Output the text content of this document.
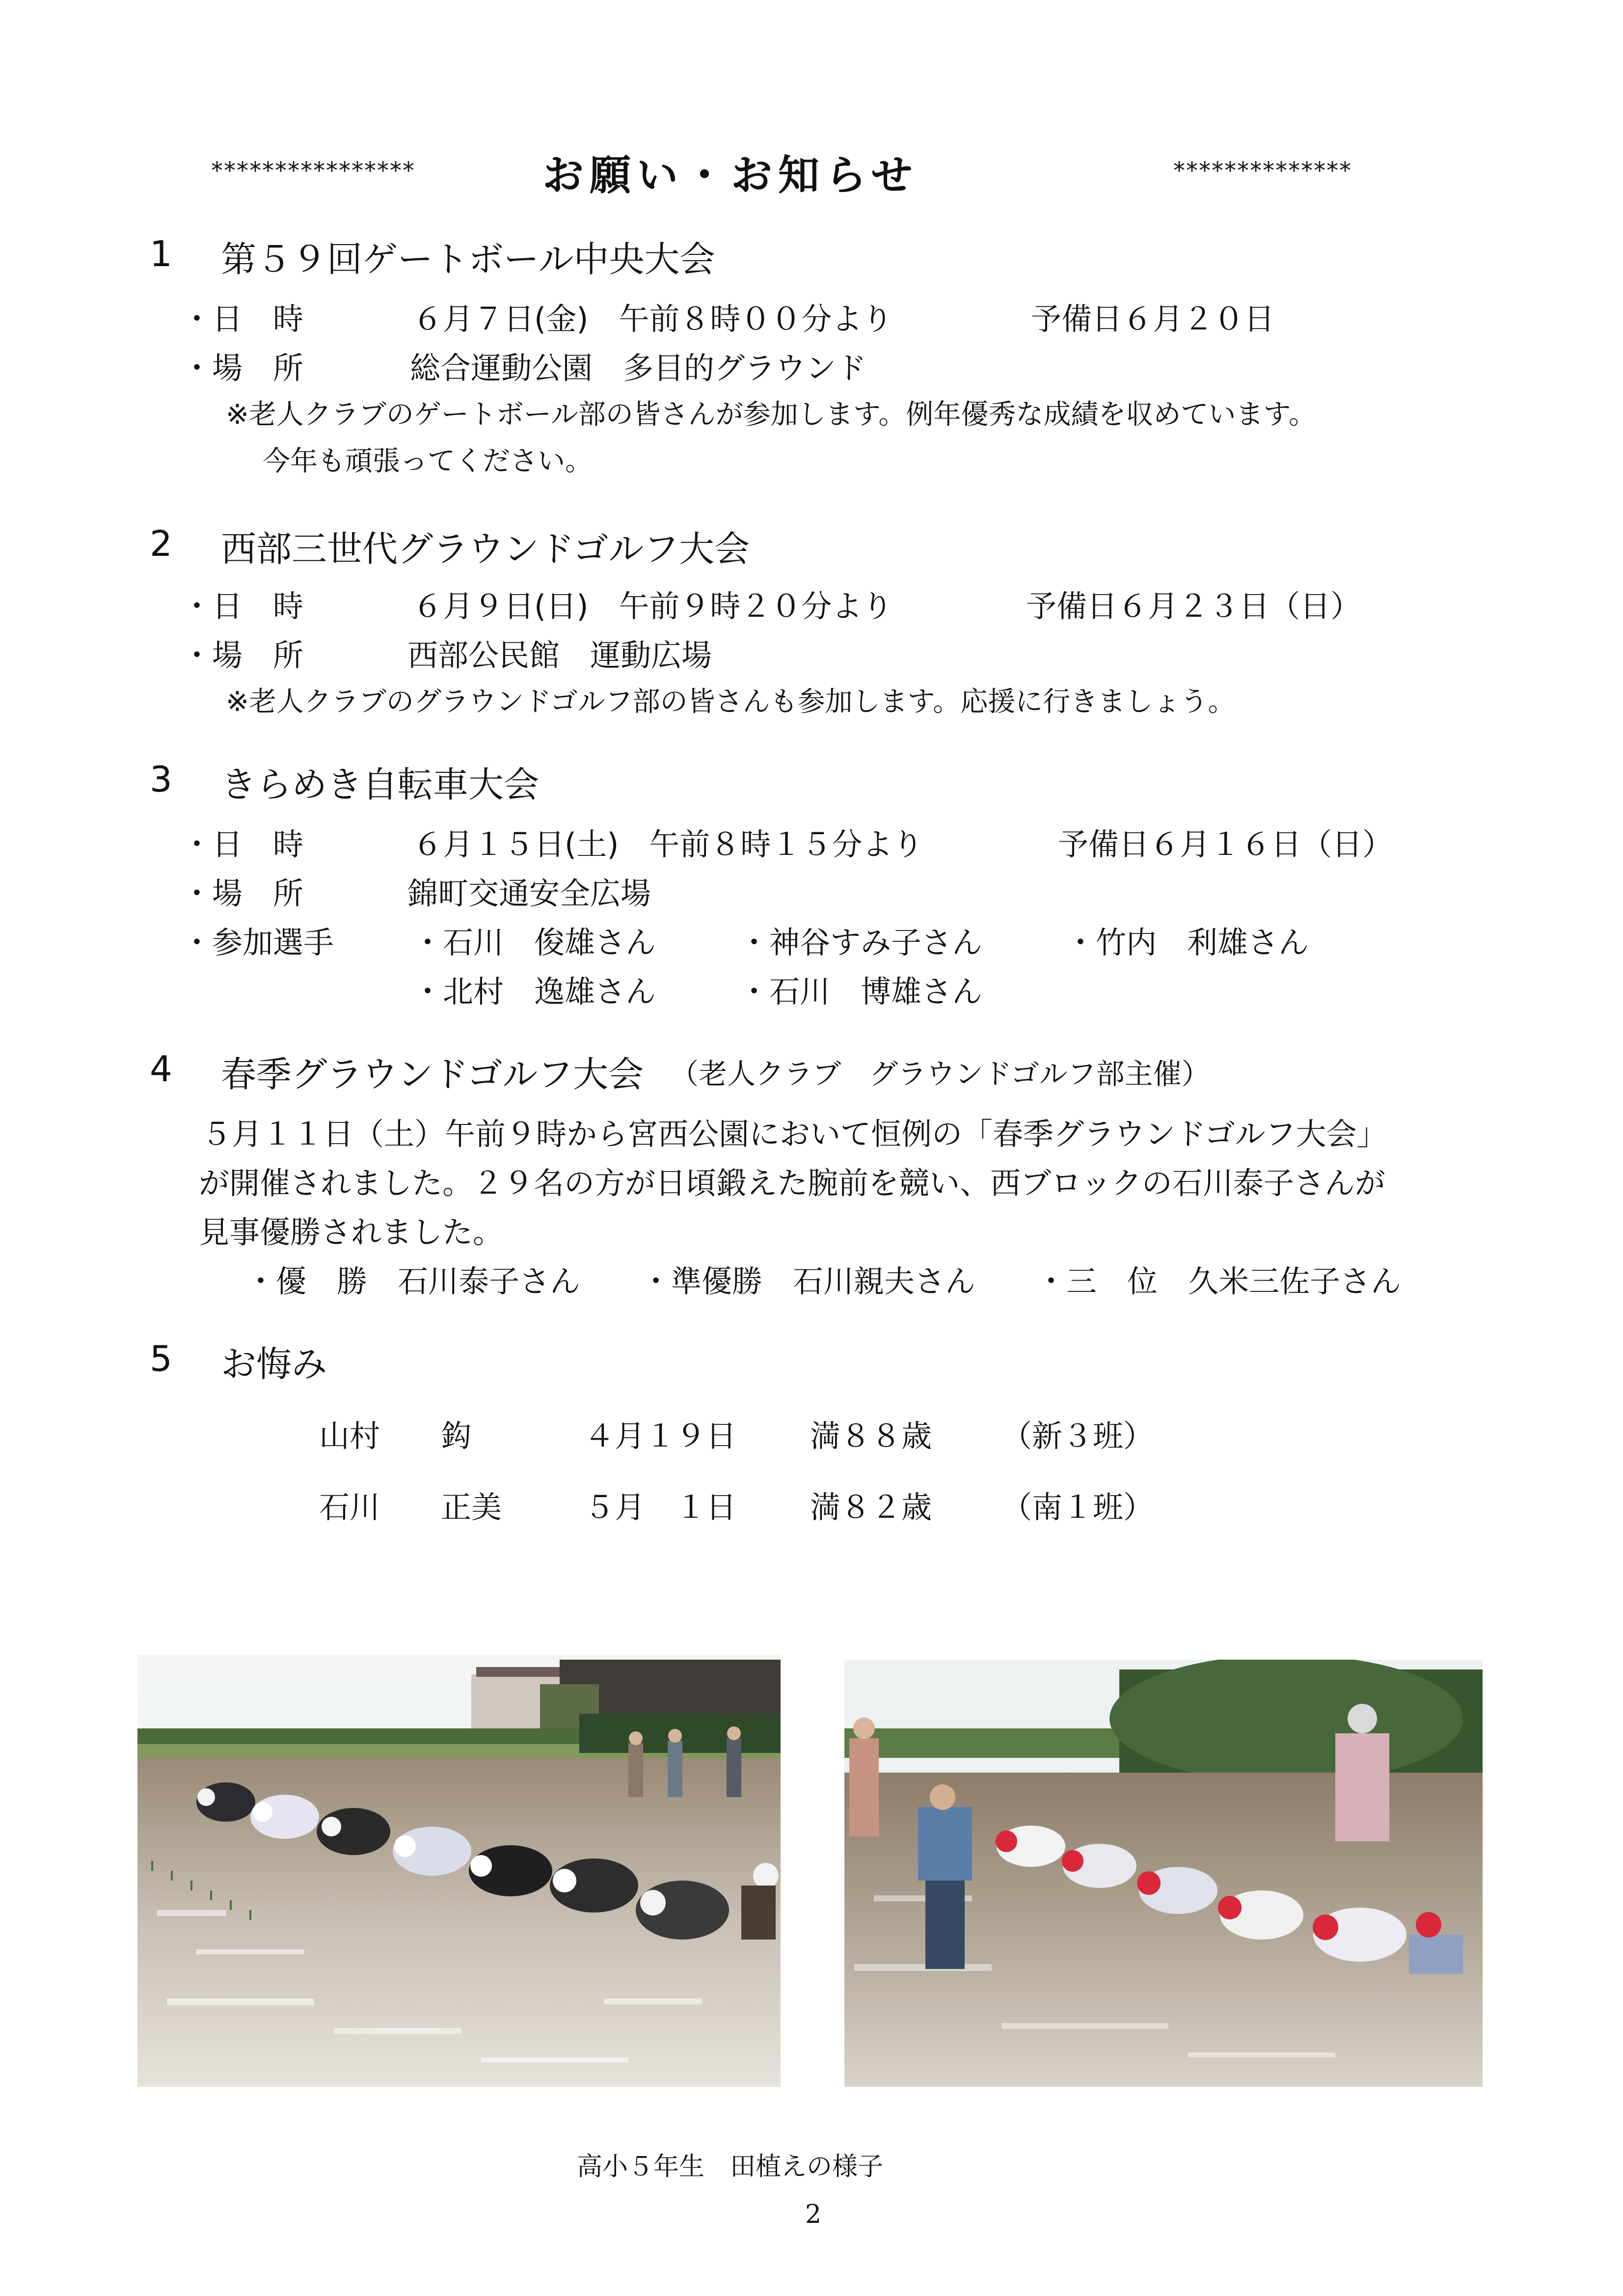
****************	お願い・お知らせ	**************
1 第５９回ゲートボール中央大会
・日　時	６月７日(金)　午前８時００分より	予備日６月２０日
・場　所	総合運動公園　多目的グラウンド
※老人クラブのゲートボール部の皆さんが参加します。例年優秀な成績を収めています。
今年も頑張ってください。
2 西部三世代グラウンドゴルフ大会
・日　時	６月９日(日)　午前９時２０分より	予備日６月２３日（日）
・場　所	西部公民館　運動広場
※老人クラブのグラウンドゴルフ部の皆さんも参加します。応援に行きましょう。
3 きらめき自転車大会
・日　時	６月１５日(土)　午前８時１５分より	予備日６月１６日（日）
・場　所	錦町交通安全広場
・参加選手	・石川　俊雄さん	・神谷すみ子さん	・竹内　利雄さん
・北村　逸雄さん	・石川　博雄さん
4 春季グラウンドゴルフ大会 （老人クラブ　グラウンドゴルフ部主催）
５月１１日（土）午前９時から宮西公園において恒例の「春季グラウンドゴルフ大会」
が開催されました。２９名の方が日頃鍛えた腕前を競い、西ブロックの石川泰子さんが
見事優勝されました。
・優　勝　石川泰子さん ・準優勝　石川親夫さん ・三　位　久米三佐子さん
5 お悔み
山村　　鈎	４月１９日 満８８歳 （新３班）
石川　　正美	５月　１日 満８２歳 （南１班）
高小５年生　田植えの様子
2
